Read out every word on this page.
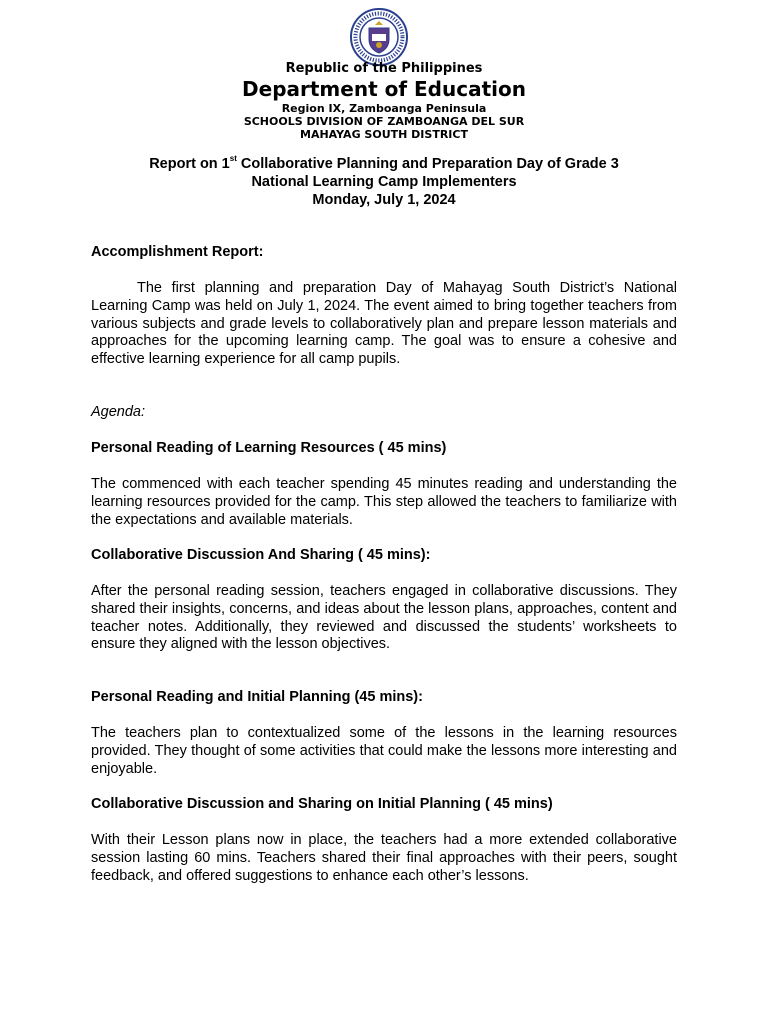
Republic of the Philippines
Department of Education
Region IX, Zamboanga Peninsula
SCHOOLS DIVISION OF ZAMBOANGA DEL SUR
MAHAYAG SOUTH DISTRICT
Report on 1st Collaborative Planning and Preparation Day of Grade 3
National Learning Camp Implementers
Monday, July 1, 2024
Accomplishment Report:
The first planning and preparation Day of Mahayag South District’s National Learning Camp was held on July 1, 2024. The event aimed to bring together teachers from various subjects and grade levels to collaboratively plan and prepare lesson materials and approaches for the upcoming learning camp. The goal was to ensure a cohesive and effective learning experience for all camp pupils.
Agenda:
Personal Reading of Learning Resources ( 45 mins)
The commenced with each teacher spending 45 minutes reading and understanding the learning resources provided for the camp. This step allowed the teachers to familiarize with the expectations and available materials.
Collaborative Discussion And Sharing ( 45 mins):
After the personal reading session, teachers engaged in collaborative discussions. They shared their insights, concerns, and ideas about the lesson plans, approaches, content and teacher notes. Additionally, they reviewed and discussed the students’ worksheets to ensure they aligned with the lesson objectives.
Personal Reading and Initial Planning (45 mins):
The teachers plan to contextualized some of the lessons in the learning resources provided. They thought of some activities that could make the lessons more interesting and enjoyable.
Collaborative Discussion and Sharing on Initial Planning ( 45 mins)
With their Lesson plans now in place, the teachers had a more extended collaborative session lasting 60 mins. Teachers shared their final approaches with their peers, sought feedback, and offered suggestions to enhance each other’s lessons.
